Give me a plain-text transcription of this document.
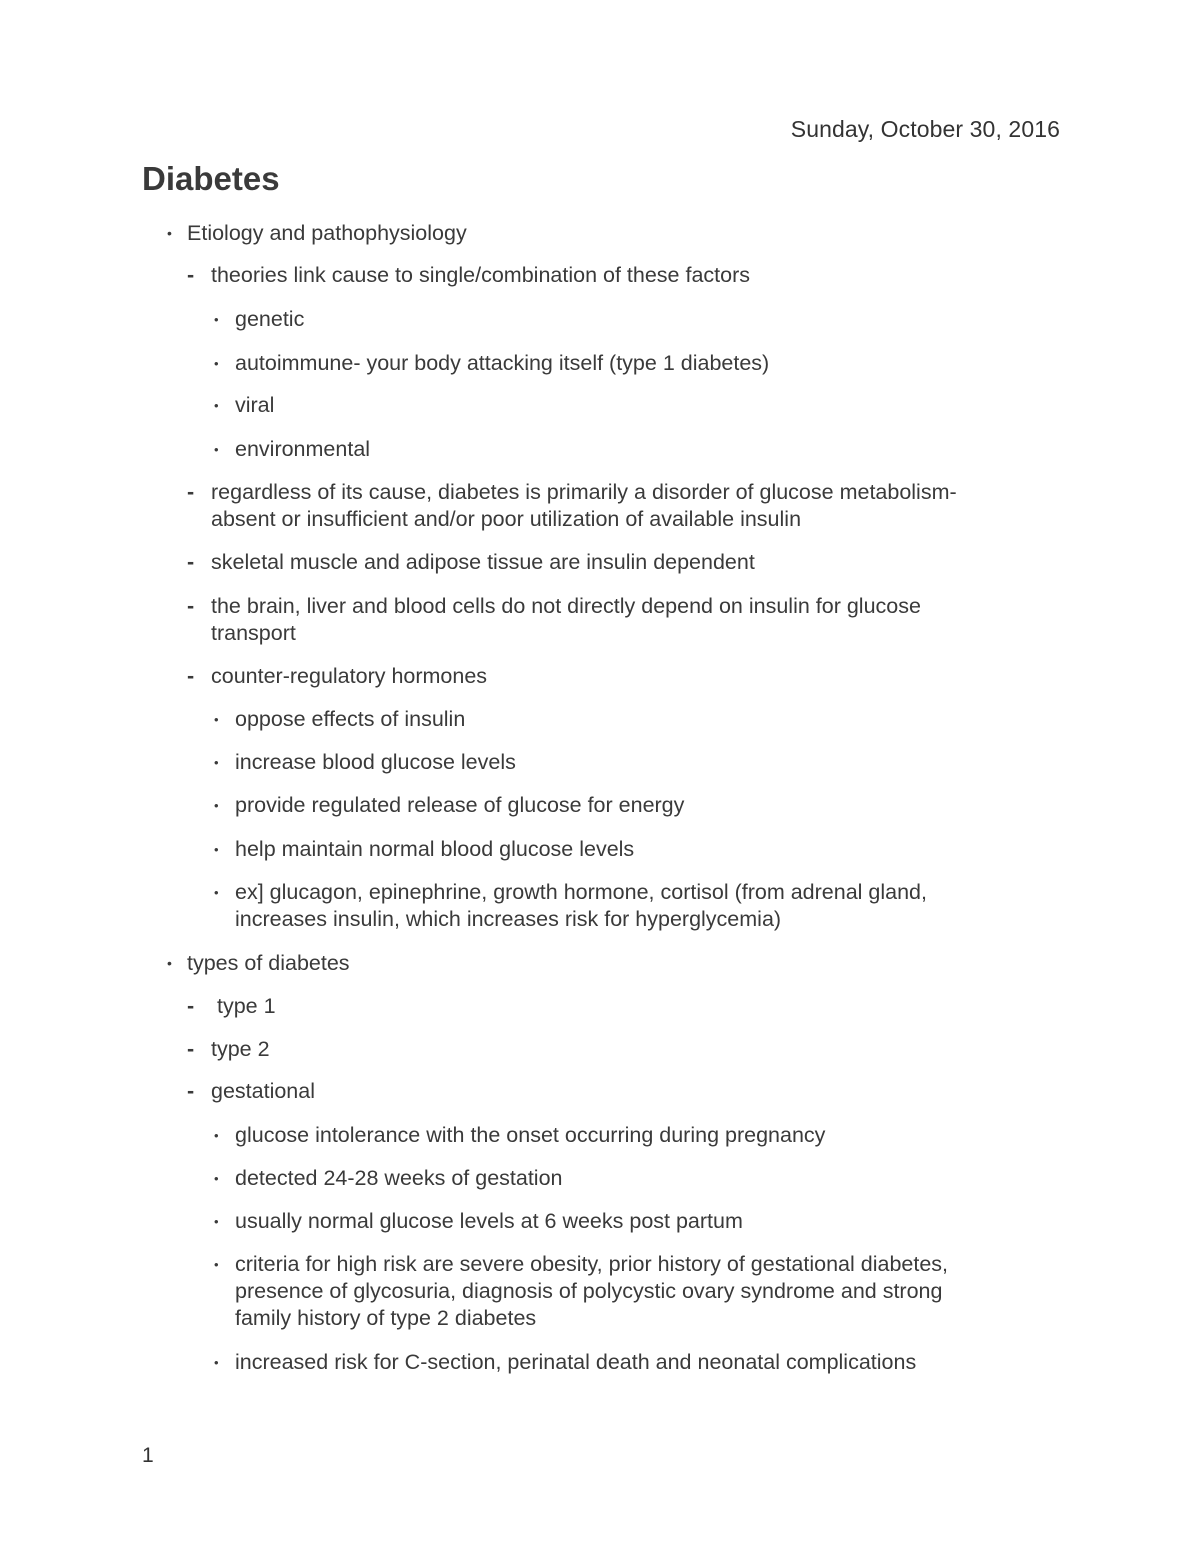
Sunday, October 30, 2016
Diabetes
• Etiology and pathophysiology
- theories link cause to single/combination of these factors
• genetic
• autoimmune- your body attacking itself (type 1 diabetes)
• viral
• environmental
- regardless of its cause, diabetes is primarily a disorder of glucose metabolism-
absent or insufficient and/or poor utilization of available insulin
- skeletal muscle and adipose tissue are insulin dependent
- the brain, liver and blood cells do not directly depend on insulin for glucose
transport
- counter-regulatory hormones
• oppose effects of insulin
• increase blood glucose levels
• provide regulated release of glucose for energy
• help maintain normal blood glucose levels
• ex] glucagon, epinephrine, growth hormone, cortisol (from adrenal gland,
increases insulin, which increases risk for hyperglycemia)
• types of diabetes
- type 1
- type 2
- gestational
• glucose intolerance with the onset occurring during pregnancy
• detected 24-28 weeks of gestation
• usually normal glucose levels at 6 weeks post partum
• criteria for high risk are severe obesity, prior history of gestational diabetes,
presence of glycosuria, diagnosis of polycystic ovary syndrome and strong
family history of type 2 diabetes
• increased risk for C-section, perinatal death and neonatal complications
1
